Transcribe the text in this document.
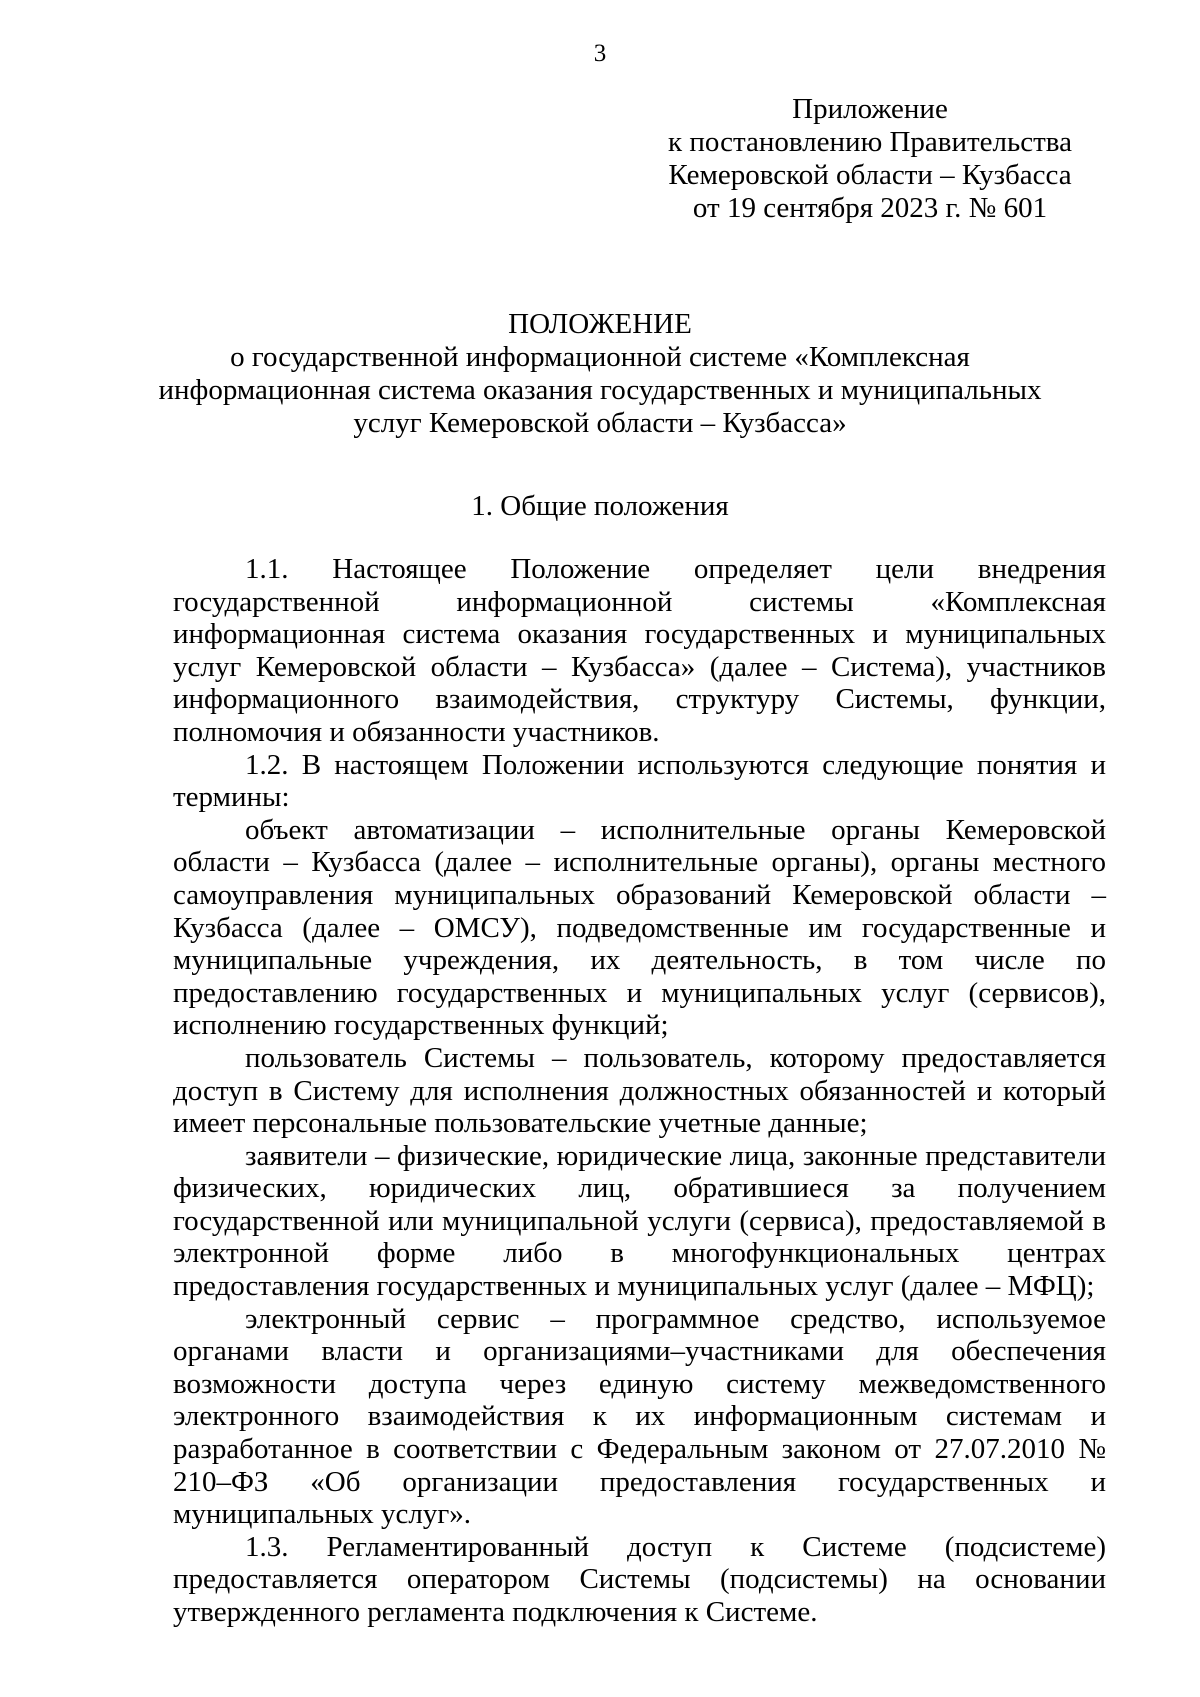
3
Приложение
к постановлению Правительства
Кемеровской области – Кузбасса
от 19 сентября 2023 г. № 601
ПОЛОЖЕНИЕ
о государственной информационной системе «Комплексная
информационная система оказания государственных и муниципальных
услуг Кемеровской области – Кузбасса»
1. Общие положения

1.1. Настоящее Положение определяет цели внедрения государственной информационной системы «Комплексная информационная система оказания государственных и муниципальных услуг Кемеровской области – Кузбасса» (далее – Система), участников информационного взаимодействия, структуру Системы, функции, полномочия и обязанности участников.

1.2. В настоящем Положении используются следующие понятия и термины:

объект автоматизации – исполнительные органы Кемеровской области – Кузбасса (далее – исполнительные органы), органы местного самоуправления муниципальных образований Кемеровской области – Кузбасса (далее – ОМСУ), подведомственные им государственные и муниципальные учреждения, их деятельность, в том числе по предоставлению государственных и муниципальных услуг (сервисов), исполнению государственных функций;

пользователь Системы – пользователь, которому предоставляется доступ в Систему для исполнения должностных обязанностей и который имеет персональные пользовательские учетные данные;

заявители – физические, юридические лица, законные представители физических, юридических лиц, обратившиеся за получением государственной или муниципальной услуги (сервиса), предоставляемой в электронной форме либо в многофункциональных центрах предоставления государственных и муниципальных услуг (далее – МФЦ);

электронный сервис – программное средство, используемое органами власти и организациями–участниками для обеспечения возможности доступа через единую систему межведомственного электронного взаимодействия к их информационным системам и разработанное в соответствии с Федеральным законом от 27.07.2010 № 210–ФЗ «Об организации предоставления государственных и муниципальных услуг».

1.3. Регламентированный доступ к Системе (подсистеме) предоставляется оператором Системы (подсистемы) на основании утвержденного регламента подключения к Системе.
